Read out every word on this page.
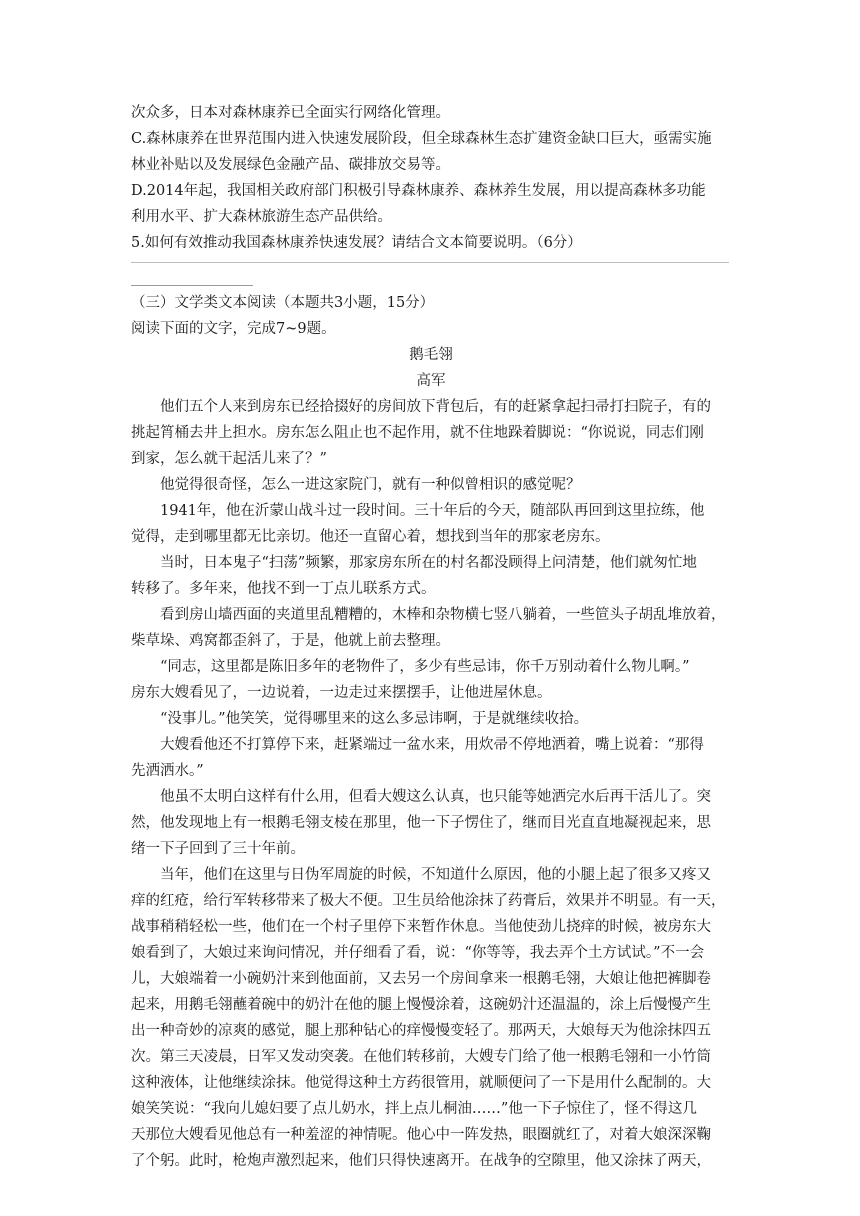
次众多，日本对森林康养已全面实行网络化管理。
C.森林康养在世界范围内进入快速发展阶段，但全球森林生态扩建资金缺口巨大，亟需实施
林业补贴以及发展绿色金融产品、碳排放交易等。
D.2014年起，我国相关政府部门积极引导森林康养、森林养生发展，用以提高森林多功能
利用水平、扩大森林旅游生态产品供给。
5.如何有效推动我国森林康养快速发展？请结合文本简要说明。（6分）
（三）文学类文本阅读（本题共3小题，15分）
阅读下面的文字，完成7~9题。
鹅毛翎
高军
他们五个人来到房东已经拾掇好的房间放下背包后，有的赶紧拿起扫帚打扫院子，有的
挑起筲桶去井上担水。房东怎么阻止也不起作用，就不住地跺着脚说：“你说说，同志们刚
到家，怎么就干起活儿来了？”
他觉得很奇怪，怎么一进这家院门，就有一种似曾相识的感觉呢？
1941年，他在沂蒙山战斗过一段时间。三十年后的今天，随部队再回到这里拉练，他
觉得，走到哪里都无比亲切。他还一直留心着，想找到当年的那家老房东。
当时，日本鬼子“扫荡”频繁，那家房东所在的村名都没顾得上问清楚，他们就匆忙地
转移了。多年来，他找不到一丁点儿联系方式。
看到房山墙西面的夹道里乱糟糟的，木棒和杂物横七竖八躺着，一些笸头子胡乱堆放着，
柴草垛、鸡窝都歪斜了，于是，他就上前去整理。
“同志，这里都是陈旧多年的老物件了，多少有些忌讳，你千万别动着什么物儿啊。”
房东大嫂看见了，一边说着，一边走过来摆摆手，让他进屋休息。
“没事儿。”他笑笑，觉得哪里来的这么多忌讳啊，于是就继续收拾。
大嫂看他还不打算停下来，赶紧端过一盆水来，用炊帚不停地洒着，嘴上说着：“那得
先洒洒水。”
他虽不太明白这样有什么用，但看大嫂这么认真，也只能等她洒完水后再干活儿了。突
然，他发现地上有一根鹅毛翎支棱在那里，他一下子愣住了，继而目光直直地凝视起来，思
绪一下子回到了三十年前。
当年，他们在这里与日伪军周旋的时候，不知道什么原因，他的小腿上起了很多又疼又
痒的红疮，给行军转移带来了极大不便。卫生员给他涂抹了药膏后，效果并不明显。有一天，
战事稍稍轻松一些，他们在一个村子里停下来暂作休息。当他使劲儿挠痒的时候，被房东大
娘看到了，大娘过来询问情况，并仔细看了看，说：“你等等，我去弄个土方试试。”不一会
儿，大娘端着一小碗奶汁来到他面前，又去另一个房间拿来一根鹅毛翎，大娘让他把裤脚卷
起来，用鹅毛翎蘸着碗中的奶汁在他的腿上慢慢涂着，这碗奶汁还温温的，涂上后慢慢产生
出一种奇妙的凉爽的感觉，腿上那种钻心的痒慢慢变轻了。那两天，大娘每天为他涂抹四五
次。第三天凌晨，日军又发动突袭。在他们转移前，大嫂专门给了他一根鹅毛翎和一小竹筒
这种液体，让他继续涂抹。他觉得这种土方药很管用，就顺便问了一下是用什么配制的。大
娘笑笑说：“我向儿媳妇要了点儿奶水，拌上点儿桐油……”他一下子惊住了，怪不得这几
天那位大嫂看见他总有一种羞涩的神情呢。他心中一阵发热，眼圈就红了，对着大娘深深鞠
了个躬。此时，枪炮声激烈起来，他们只得快速离开。在战争的空隙里，他又涂抹了两天，
